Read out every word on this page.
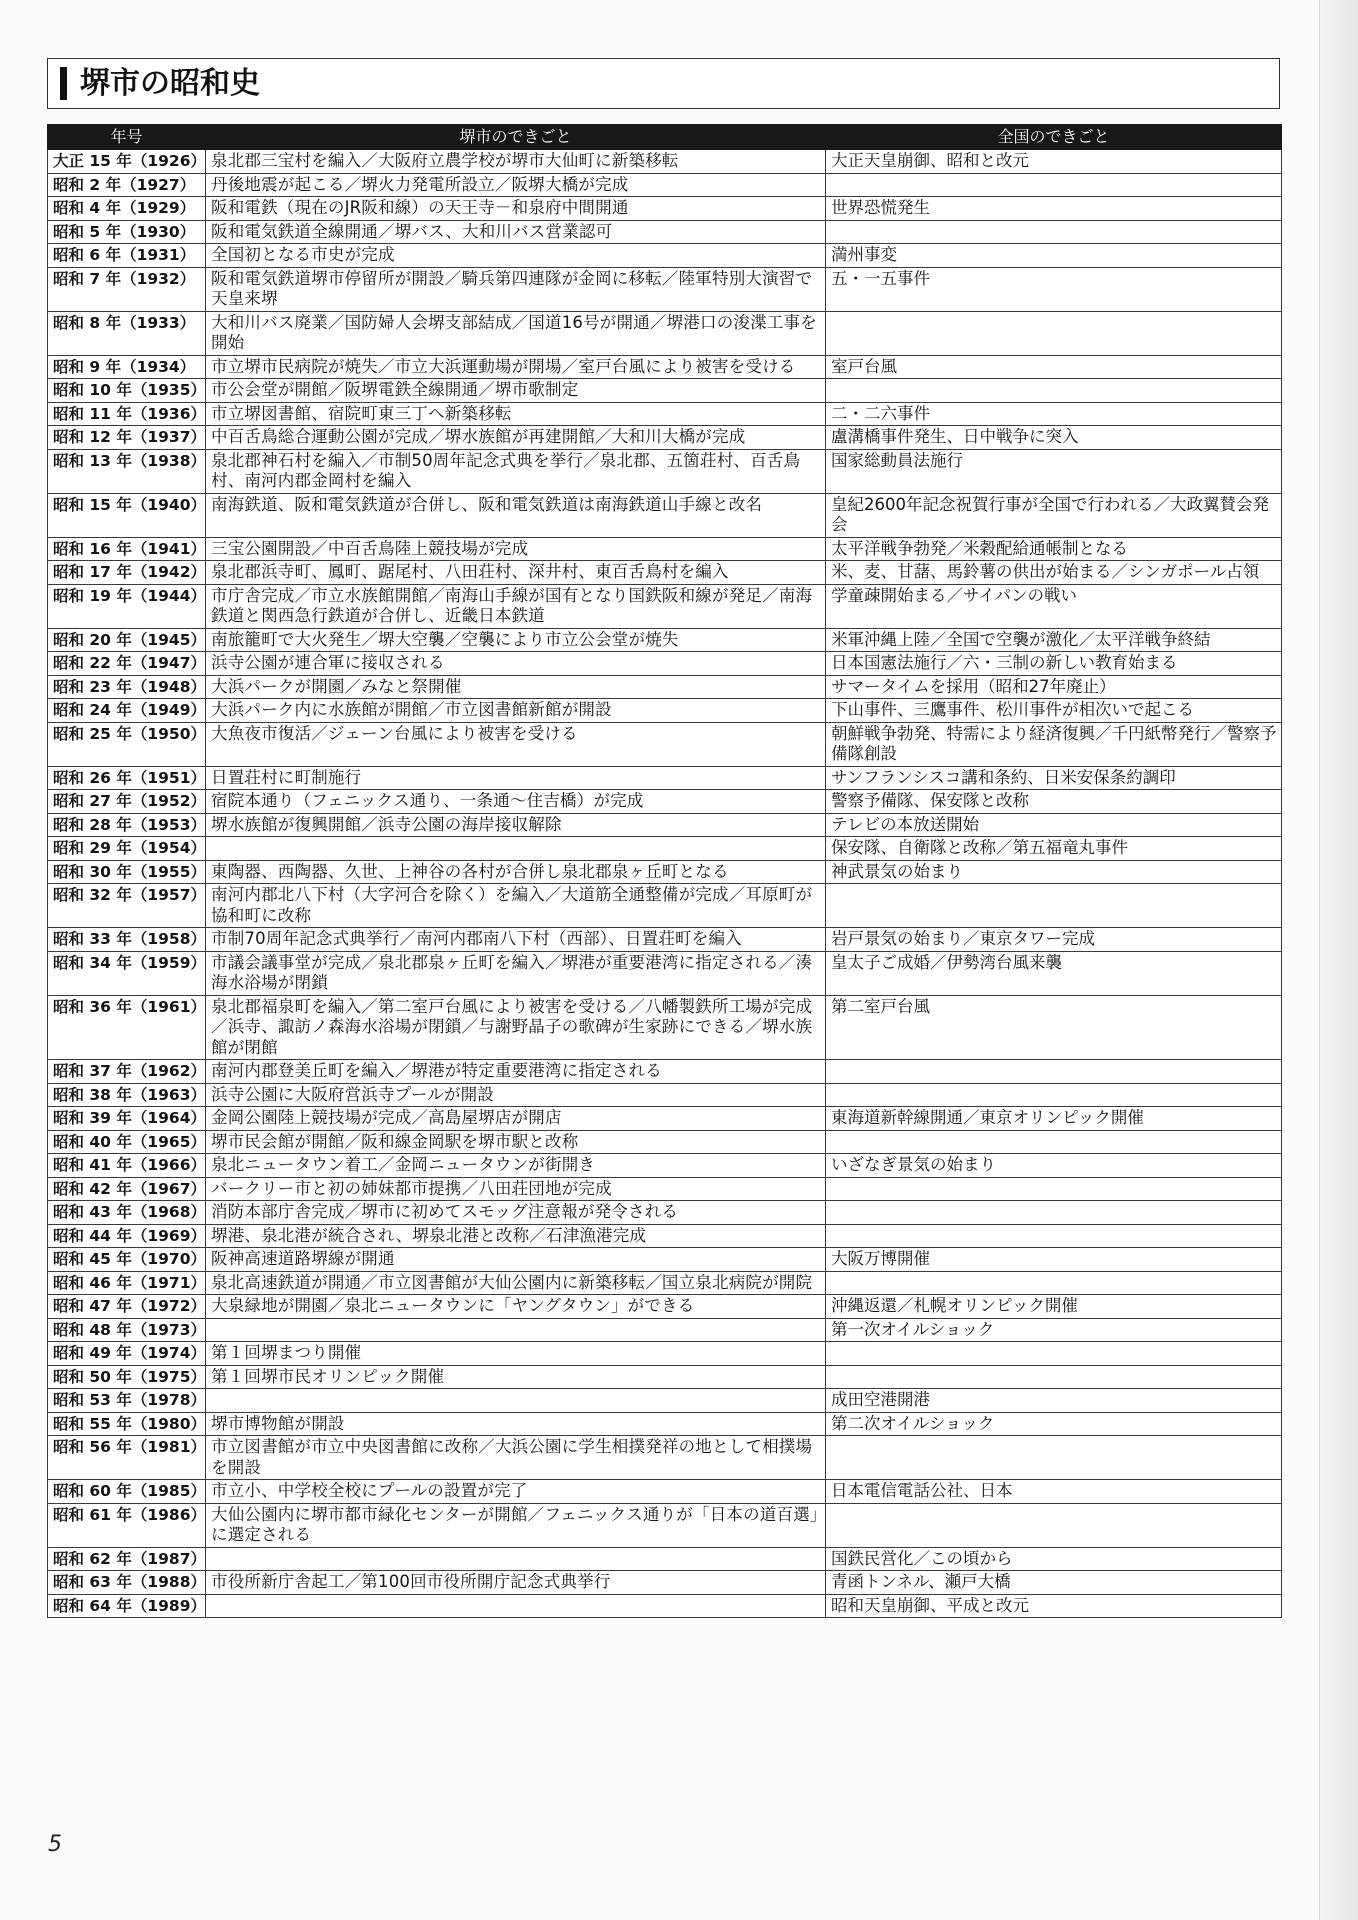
堺市の昭和史
年号	堺市のできごと	全国のできごと
大正 15 年（1926）	泉北郡三宝村を編入／大阪府立農学校が堺市大仙町に新築移転	大正天皇崩御、昭和と改元
昭和 2 年（1927）	丹後地震が起こる／堺火力発電所設立／阪堺大橋が完成	
昭和 4 年（1929）	阪和電鉄（現在のJR阪和線）の天王寺－和泉府中間開通	世界恐慌発生
昭和 5 年（1930）	阪和電気鉄道全線開通／堺バス、大和川バス営業認可	
昭和 6 年（1931）	全国初となる市史が完成	満州事変
昭和 7 年（1932）	阪和電気鉄道堺市停留所が開設／騎兵第四連隊が金岡に移転／陸軍特別大演習で天皇来堺	五・一五事件
昭和 8 年（1933）	大和川バス廃業／国防婦人会堺支部結成／国道16号が開通／堺港口の浚渫工事を開始	
昭和 9 年（1934）	市立堺市民病院が焼失／市立大浜運動場が開場／室戸台風により被害を受ける	室戸台風
昭和 10 年（1935）	市公会堂が開館／阪堺電鉄全線開通／堺市歌制定	
昭和 11 年（1936）	市立堺図書館、宿院町東三丁へ新築移転	二・二六事件
昭和 12 年（1937）	中百舌鳥総合運動公園が完成／堺水族館が再建開館／大和川大橋が完成	盧溝橋事件発生、日中戦争に突入
昭和 13 年（1938）	泉北郡神石村を編入／市制50周年記念式典を挙行／泉北郡、五箇荘村、百舌鳥村、南河内郡金岡村を編入	国家総動員法施行
昭和 15 年（1940）	南海鉄道、阪和電気鉄道が合併し、阪和電気鉄道は南海鉄道山手線と改名	皇紀2600年記念祝賀行事が全国で行われる／大政翼賛会発会
昭和 16 年（1941）	三宝公園開設／中百舌鳥陸上競技場が完成	太平洋戦争勃発／米穀配給通帳制となる
昭和 17 年（1942）	泉北郡浜寺町、鳳町、踞尾村、八田荘村、深井村、東百舌鳥村を編入	米、麦、甘藷、馬鈴薯の供出が始まる／シンガポール占領
昭和 19 年（1944）	市庁舎完成／市立水族館開館／南海山手線が国有となり国鉄阪和線が発足／南海鉄道と関西急行鉄道が合併し、近畿日本鉄道	学童疎開始まる／サイパンの戦い
昭和 20 年（1945）	南旅籠町で大火発生／堺大空襲／空襲により市立公会堂が焼失	米軍沖縄上陸／全国で空襲が激化／太平洋戦争終結
昭和 22 年（1947）	浜寺公園が連合軍に接収される	日本国憲法施行／六・三制の新しい教育始まる
昭和 23 年（1948）	大浜パークが開園／みなと祭開催	サマータイムを採用（昭和27年廃止）
昭和 24 年（1949）	大浜パーク内に水族館が開館／市立図書館新館が開設	下山事件、三鷹事件、松川事件が相次いで起こる
昭和 25 年（1950）	大魚夜市復活／ジェーン台風により被害を受ける	朝鮮戦争勃発、特需により経済復興／千円紙幣発行／警察予備隊創設
昭和 26 年（1951）	日置荘村に町制施行	サンフランシスコ講和条約、日米安保条約調印
昭和 27 年（1952）	宿院本通り（フェニックス通り、一条通～住吉橋）が完成	警察予備隊、保安隊と改称
昭和 28 年（1953）	堺水族館が復興開館／浜寺公園の海岸接収解除	テレビの本放送開始
昭和 29 年（1954）		保安隊、自衛隊と改称／第五福竜丸事件
昭和 30 年（1955）	東陶器、西陶器、久世、上神谷の各村が合併し泉北郡泉ヶ丘町となる	神武景気の始まり
昭和 32 年（1957）	南河内郡北八下村（大字河合を除く）を編入／大道筋全通整備が完成／耳原町が協和町に改称	
昭和 33 年（1958）	市制70周年記念式典挙行／南河内郡南八下村（西部）、日置荘町を編入	岩戸景気の始まり／東京タワー完成
昭和 34 年（1959）	市議会議事堂が完成／泉北郡泉ヶ丘町を編入／堺港が重要港湾に指定される／湊海水浴場が閉鎖	皇太子ご成婚／伊勢湾台風来襲
昭和 36 年（1961）	泉北郡福泉町を編入／第二室戸台風により被害を受ける／八幡製鉄所工場が完成／浜寺、諏訪ノ森海水浴場が閉鎖／与謝野晶子の歌碑が生家跡にできる／堺水族館が閉館	第二室戸台風
昭和 37 年（1962）	南河内郡登美丘町を編入／堺港が特定重要港湾に指定される	
昭和 38 年（1963）	浜寺公園に大阪府営浜寺プールが開設	
昭和 39 年（1964）	金岡公園陸上競技場が完成／高島屋堺店が開店	東海道新幹線開通／東京オリンピック開催
昭和 40 年（1965）	堺市民会館が開館／阪和線金岡駅を堺市駅と改称	
昭和 41 年（1966）	泉北ニュータウン着工／金岡ニュータウンが街開き	いざなぎ景気の始まり
昭和 42 年（1967）	バークリー市と初の姉妹都市提携／八田荘団地が完成	
昭和 43 年（1968）	消防本部庁舎完成／堺市に初めてスモッグ注意報が発令される	
昭和 44 年（1969）	堺港、泉北港が統合され、堺泉北港と改称／石津漁港完成	
昭和 45 年（1970）	阪神高速道路堺線が開通	大阪万博開催
昭和 46 年（1971）	泉北高速鉄道が開通／市立図書館が大仙公園内に新築移転／国立泉北病院が開院	
昭和 47 年（1972）	大泉緑地が開園／泉北ニュータウンに「ヤングタウン」ができる	沖縄返還／札幌オリンピック開催
昭和 48 年（1973）		第一次オイルショック
昭和 49 年（1974）	第１回堺まつり開催	
昭和 50 年（1975）	第１回堺市民オリンピック開催	
昭和 53 年（1978）		成田空港開港
昭和 55 年（1980）	堺市博物館が開設	第二次オイルショック
昭和 56 年（1981）	市立図書館が市立中央図書館に改称／大浜公園に学生相撲発祥の地として相撲場を開設	
昭和 60 年（1985）	市立小、中学校全校にプールの設置が完了	日本電信電話公社、日本
昭和 61 年（1986）	大仙公園内に堺市都市緑化センターが開館／フェニックス通りが「日本の道百選」に選定される	
昭和 62 年（1987）		国鉄民営化／この頃から
昭和 63 年（1988）	市役所新庁舎起工／第100回市役所開庁記念式典挙行	青函トンネル、瀬戸大橋
昭和 64 年（1989）		昭和天皇崩御、平成と改元
5
